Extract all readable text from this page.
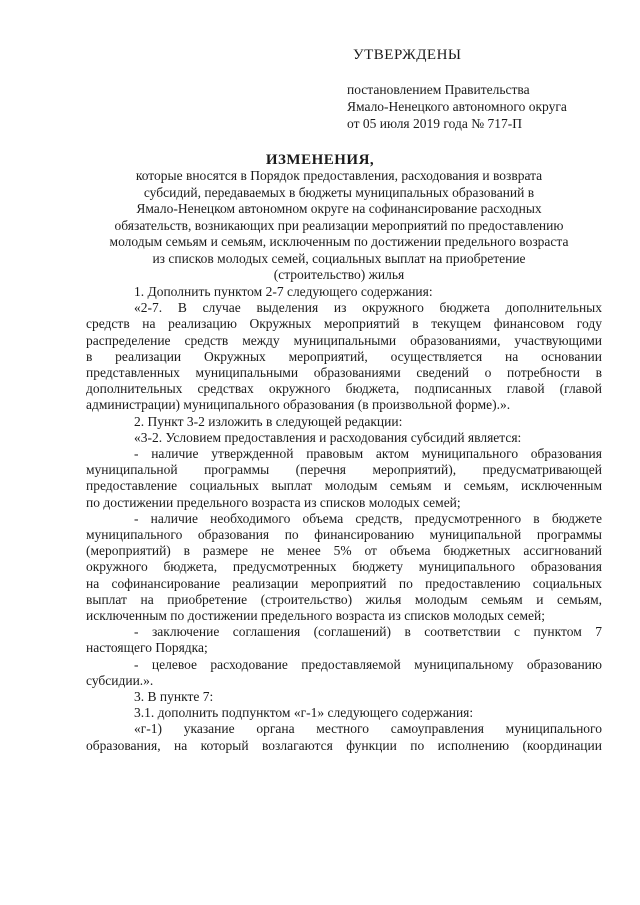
УТВЕРЖДЕНЫ
постановлением Правительства
Ямало-Ненецкого автономного округа
от 05 июля 2019 года № 717-П
ИЗМЕНЕНИЯ,
которые вносятся в Порядок предоставления, расходования и возврата
субсидий, передаваемых в бюджеты муниципальных образований в
Ямало-Ненецком автономном округе на софинансирование расходных
обязательств, возникающих при реализации мероприятий по предоставлению
молодым семьям и семьям, исключенным по достижении предельного возраста
из списков молодых семей, социальных выплат на приобретение
(строительство) жилья
1. Дополнить пунктом 2-7 следующего содержания:
«2-7. В случае выделения из окружного бюджета дополнительных
средств на реализацию Окружных мероприятий в текущем финансовом году
распределение средств между муниципальными образованиями, участвующими
в реализации Окружных мероприятий, осуществляется на основании
представленных муниципальными образованиями сведений о потребности в
дополнительных средствах окружного бюджета, подписанных главой (главой
администрации) муниципального образования (в произвольной форме).».
2. Пункт 3-2 изложить в следующей редакции:
«3-2. Условием предоставления и расходования субсидий является:
- наличие утвержденной правовым актом муниципального образования
муниципальной программы (перечня мероприятий), предусматривающей
предоставление социальных выплат молодым семьям и семьям, исключенным
по достижении предельного возраста из списков молодых семей;
- наличие необходимого объема средств, предусмотренного в бюджете
муниципального образования по финансированию муниципальной программы
(мероприятий) в размере не менее 5% от объема бюджетных ассигнований
окружного бюджета, предусмотренных бюджету муниципального образования
на софинансирование реализации мероприятий по предоставлению социальных
выплат на приобретение (строительство) жилья молодым семьям и семьям,
исключенным по достижении предельного возраста из списков молодых семей;
- заключение соглашения (соглашений) в соответствии с пунктом 7
настоящего Порядка;
- целевое расходование предоставляемой муниципальному образованию
субсидии.».
3. В пункте 7:
3.1. дополнить подпунктом «г-1» следующего содержания:
«г-1) указание органа местного самоуправления муниципального
образования, на который возлагаются функции по исполнению (координации
